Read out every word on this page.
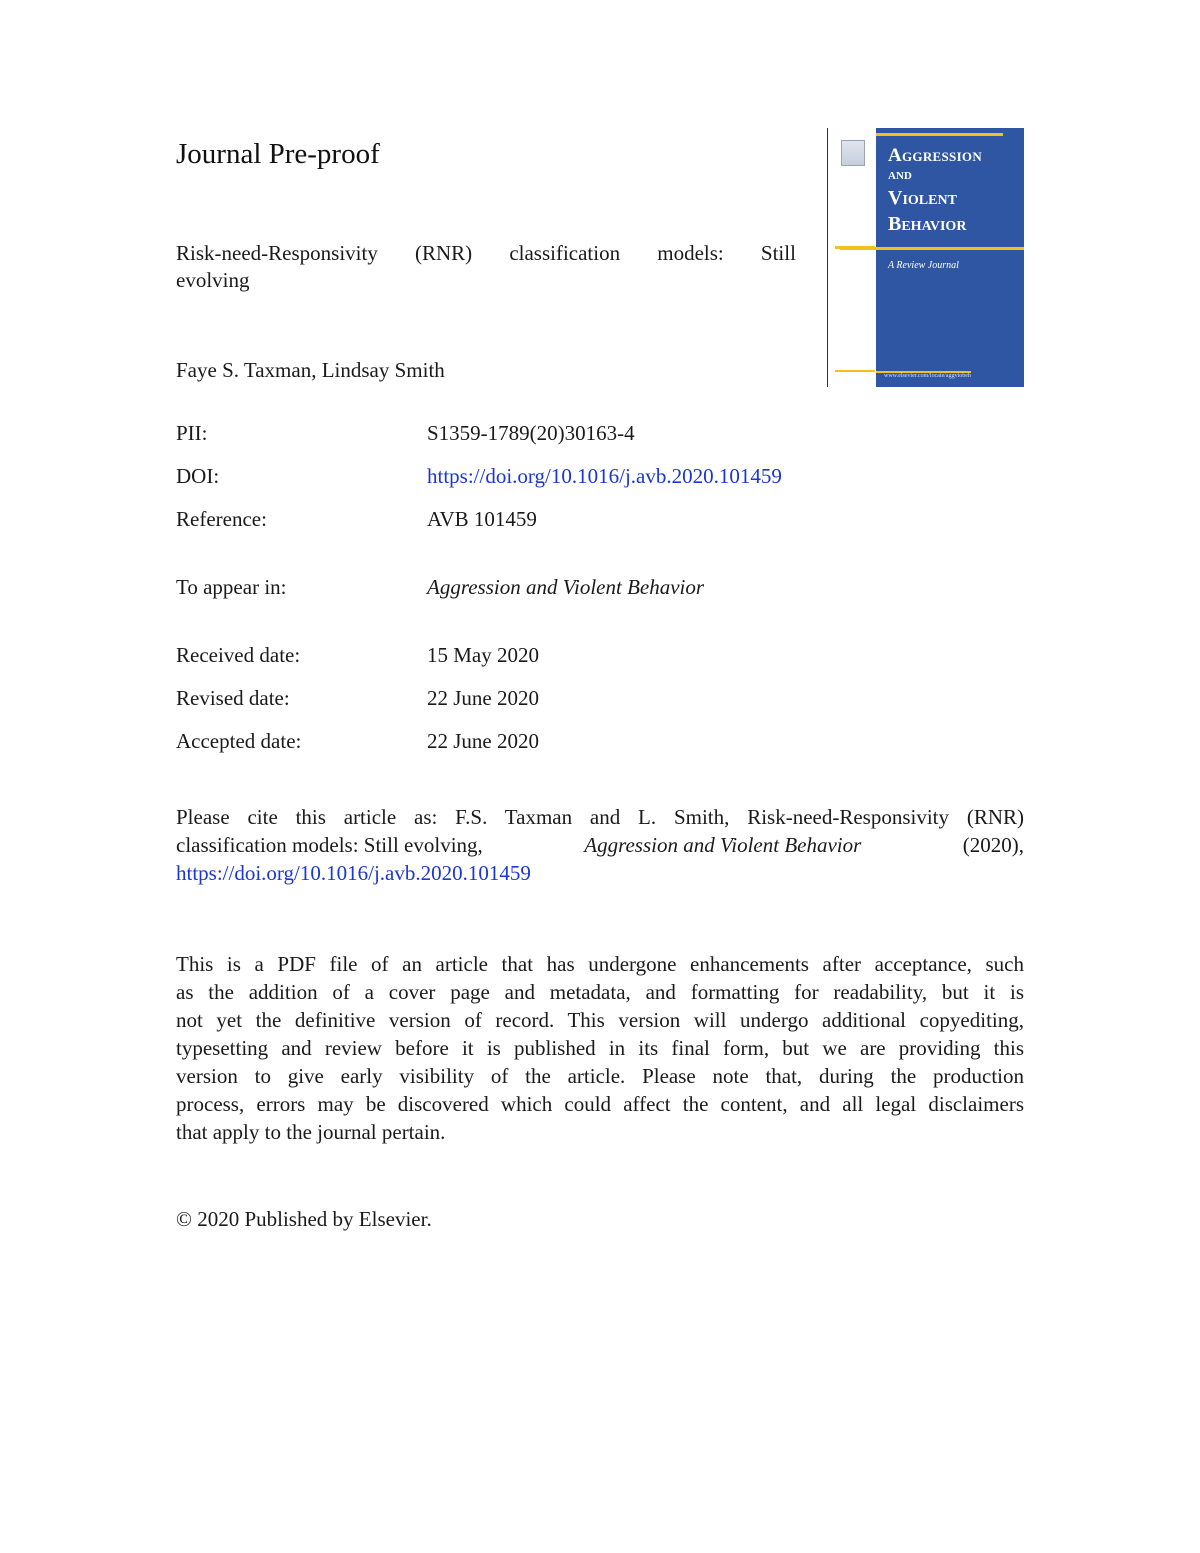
Journal Pre-proof
Risk-need-Responsivity (RNR) classification models: Still
evolving
Faye S. Taxman, Lindsay Smith
Aggression
and
Violent
Behavior
A Review Journal
www.elsevier.com/locate/aggviobeh
PII:	S1359-1789(20)30163-4
DOI:	https://doi.org/10.1016/j.avb.2020.101459
Reference:	AVB 101459
To appear in:	Aggression and Violent Behavior
Received date:	15 May 2020
Revised date:	22 June 2020
Accepted date:	22 June 2020
Please cite this article as: F.S. Taxman and L. Smith, Risk-need-Responsivity (RNR)
classification models: Still evolving,	Aggression and Violent Behavior	(2020),
https://doi.org/10.1016/j.avb.2020.101459
This is a PDF file of an article that has undergone enhancements after acceptance, such
as the addition of a cover page and metadata, and formatting for readability, but it is
not yet the definitive version of record. This version will undergo additional copyediting,
typesetting and review before it is published in its final form, but we are providing this
version to give early visibility of the article. Please note that, during the production
process, errors may be discovered which could affect the content, and all legal disclaimers
that apply to the journal pertain.
© 2020 Published by Elsevier.
